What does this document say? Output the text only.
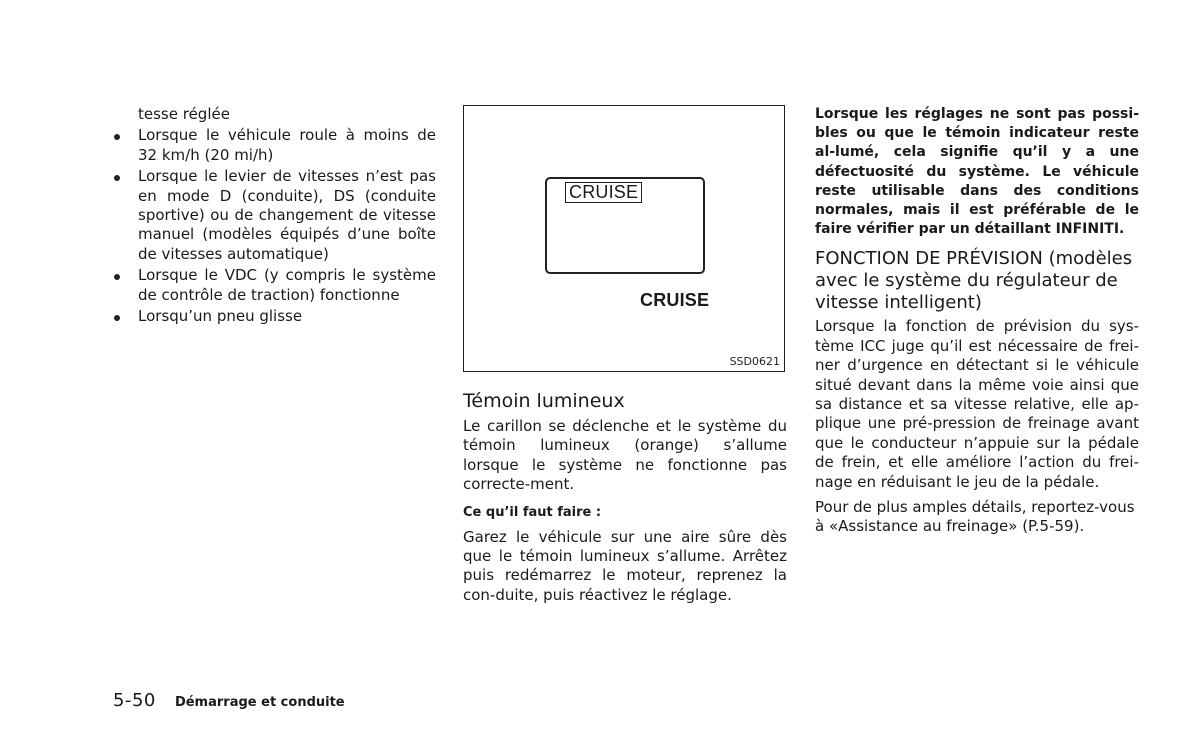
tesse réglée

Lorsque le véhicule roule à moins de 32 km/h (20 mi/h)
Lorsque le levier de vitesses n’est pas en mode D (conduite), DS (conduite sportive) ou de changement de vitesse manuel (modèles équipés d’une boîte de vitesses automatique)
Lorsque le VDC (y compris le système de contrôle de traction) fonctionne
Lorsqu’un pneu glisse
CRUISE
CRUISE
SSD0621
Témoin lumineux

Le carillon se déclenche et le système du témoin lumineux (orange) s’allume lorsque le système ne fonctionne pas correcte-ment.

Ce qu’il faut faire :

Garez le véhicule sur une aire sûre dès que le témoin lumineux s’allume. Arrêtez puis redémarrez le moteur, reprenez la con-duite, puis réactivez le réglage.

Lorsque les réglages ne sont pas possi-bles ou que le témoin indicateur reste al-lumé, cela signifie qu’il y a une défectuosité du système. Le véhicule reste utilisable dans des conditions normales, mais il est préférable de le faire vérifier par un détaillant INFINITI.

FONCTION DE PRÉVISION (modèles avec le système du régulateur de vitesse intelligent)

Lorsque la fonction de prévision du sys-tème ICC juge qu’il est nécessaire de frei-ner d’urgence en détectant si le véhicule situé devant dans la même voie ainsi que sa distance et sa vitesse relative, elle ap-plique une pré-pression de freinage avant que le conducteur n’appuie sur la pédale de frein, et elle améliore l’action du frei-nage en réduisant le jeu de la pédale.

Pour de plus amples détails, reportez-vous à «Assistance au freinage» (P.5-59).

5-50 Démarrage et conduite
